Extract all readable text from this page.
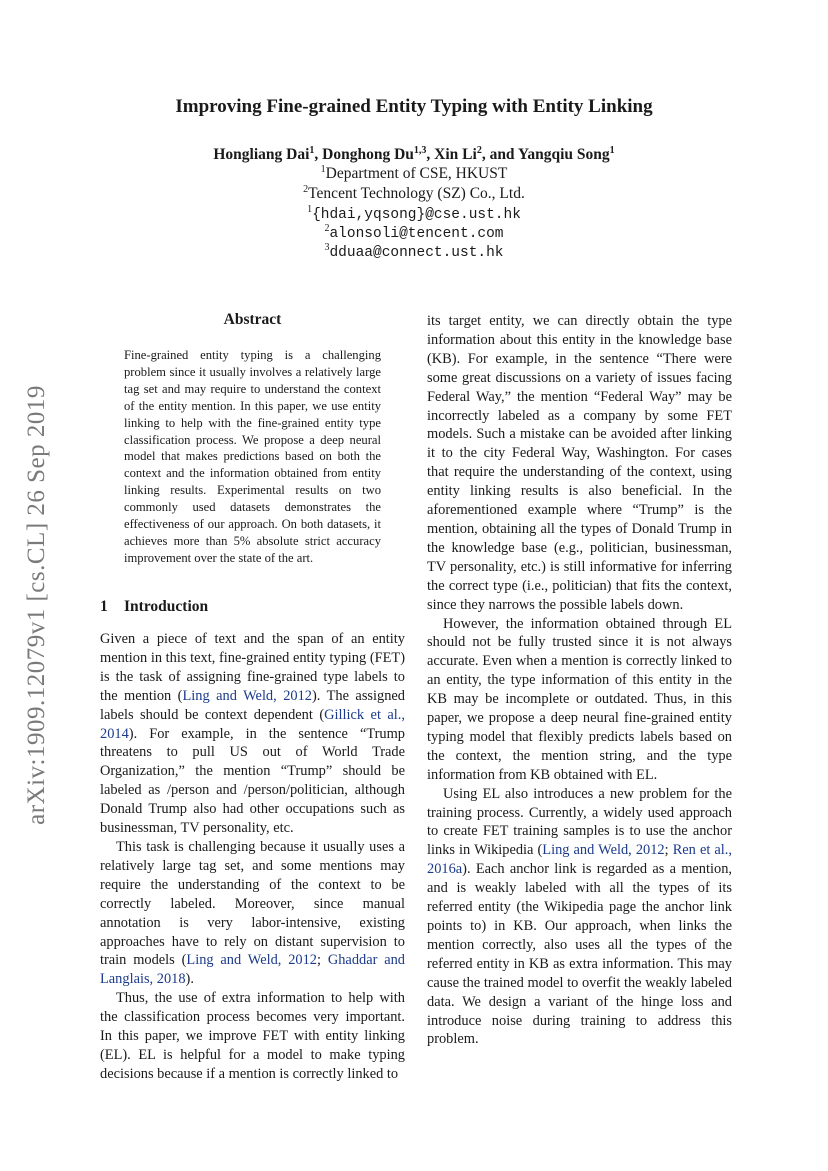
arXiv:1909.12079v1 [cs.CL] 26 Sep 2019
Improving Fine-grained Entity Typing with Entity Linking
Hongliang Dai$^1$, Donghong Du$^{1,3}$, Xin Li$^2$, and Yangqiu Song$^1$
$^1$Department of CSE, HKUST
$^2$Tencent Technology (SZ) Co., Ltd.
$^1${hdai,yqsong}@cse.ust.hk
$^2$alonsoli@tencent.com
$^3$dduaa@connect.ust.hk
Abstract
Fine-grained entity typing is a challenging problem since it usually involves a relatively large tag set and may require to understand the context of the entity mention. In this paper, we use entity linking to help with the fine-grained entity type classification process. We propose a deep neural model that makes predictions based on both the context and the information obtained from entity linking results. Experimental results on two commonly used datasets demonstrates the effectiveness of our approach. On both datasets, it achieves more than 5% absolute strict accuracy improvement over the state of the art.
1 Introduction

Given a piece of text and the span of an entity mention in this text, fine-grained entity typing (FET) is the task of assigning fine-grained type labels to the mention (Ling and Weld, 2012). The assigned labels should be context dependent (Gillick et al., 2014). For example, in the sentence “Trump threatens to pull US out of World Trade Organization,” the mention “Trump” should be labeled as /person and /person/politician, although Donald Trump also had other occupations such as businessman, TV personality, etc.

This task is challenging because it usually uses a relatively large tag set, and some mentions may require the understanding of the context to be correctly labeled. Moreover, since manual annotation is very labor-intensive, existing approaches have to rely on distant supervision to train models (Ling and Weld, 2012; Ghaddar and Langlais, 2018).

Thus, the use of extra information to help with the classification process becomes very important. In this paper, we improve FET with entity linking (EL). EL is helpful for a model to make typing decisions because if a mention is correctly linked to

its target entity, we can directly obtain the type information about this entity in the knowledge base (KB). For example, in the sentence “There were some great discussions on a variety of issues facing Federal Way,” the mention “Federal Way” may be incorrectly labeled as a company by some FET models. Such a mistake can be avoided after linking it to the city Federal Way, Washington. For cases that require the understanding of the context, using entity linking results is also beneficial. In the aforementioned example where “Trump” is the mention, obtaining all the types of Donald Trump in the knowledge base (e.g., politician, businessman, TV personality, etc.) is still informative for inferring the correct type (i.e., politician) that fits the context, since they narrows the possible labels down.

However, the information obtained through EL should not be fully trusted since it is not always accurate. Even when a mention is correctly linked to an entity, the type information of this entity in the KB may be incomplete or outdated. Thus, in this paper, we propose a deep neural fine-grained entity typing model that flexibly predicts labels based on the context, the mention string, and the type information from KB obtained with EL.

Using EL also introduces a new problem for the training process. Currently, a widely used approach to create FET training samples is to use the anchor links in Wikipedia (Ling and Weld, 2012; Ren et al., 2016a). Each anchor link is regarded as a mention, and is weakly labeled with all the types of its referred entity (the Wikipedia page the anchor link points to) in KB. Our approach, when links the mention correctly, also uses all the types of the referred entity in KB as extra information. This may cause the trained model to overfit the weakly labeled data. We design a variant of the hinge loss and introduce noise during training to address this problem.
